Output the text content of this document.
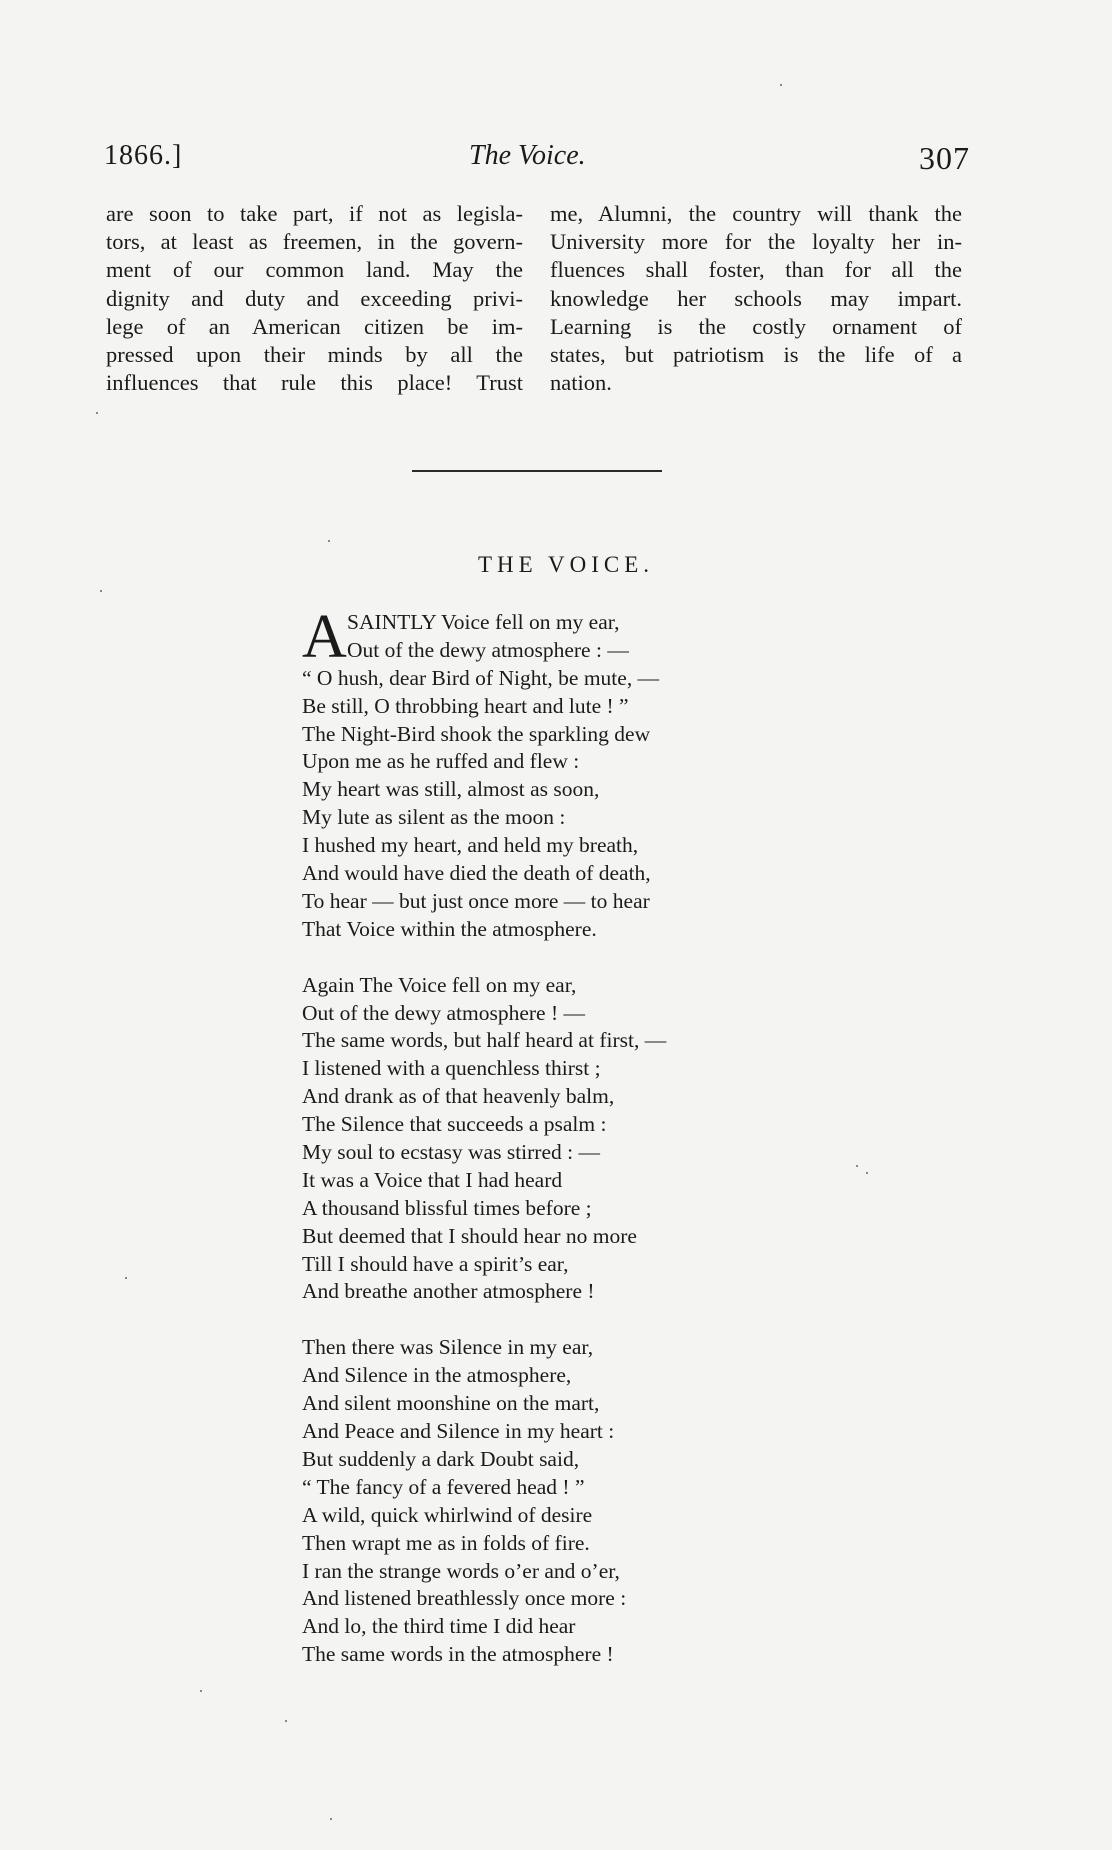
1866.]	The Voice.	307
are soon to take part, if not as legisla-
tors, at least as freemen, in the govern-
ment of our common land. May the
dignity and duty and exceeding privi-
lege of an American citizen be im-
pressed upon their minds by all the
influences that rule this place! Trust
me, Alumni, the country will thank the
University more for the loyalty her in-
fluences shall foster, than for all the
knowledge her schools may impart.
Learning is the costly ornament of
states, but patriotism is the life of a
nation.
THE VOICE.
A SAINTLY Voice fell on my ear,
Out of the dewy atmosphere : —
“ O hush, dear Bird of Night, be mute, —
Be still, O throbbing heart and lute ! ”
The Night-Bird shook the sparkling dew
Upon me as he ruffed and flew :
My heart was still, almost as soon,
My lute as silent as the moon :
I hushed my heart, and held my breath,
And would have died the death of death,
To hear — but just once more — to hear
That Voice within the atmosphere.
Again The Voice fell on my ear,
Out of the dewy atmosphere ! —
The same words, but half heard at first, —
I listened with a quenchless thirst ;
And drank as of that heavenly balm,
The Silence that succeeds a psalm :
My soul to ecstasy was stirred : —
It was a Voice that I had heard
A thousand blissful times before ;
But deemed that I should hear no more
Till I should have a spirit’s ear,
And breathe another atmosphere !
Then there was Silence in my ear,
And Silence in the atmosphere,
And silent moonshine on the mart,
And Peace and Silence in my heart :
But suddenly a dark Doubt said,
“ The fancy of a fevered head ! ”
A wild, quick whirlwind of desire
Then wrapt me as in folds of fire.
I ran the strange words o’er and o’er,
And listened breathlessly once more :
And lo, the third time I did hear
The same words in the atmosphere !
